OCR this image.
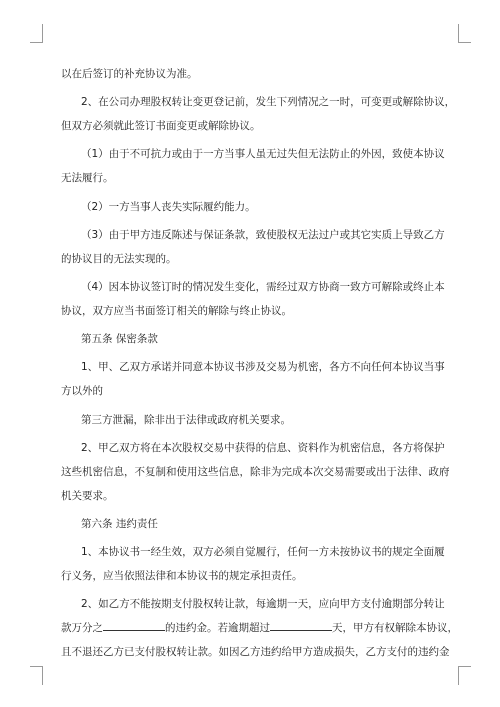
以在后签订的补充协议为准。
2、在公司办理股权转让变更登记前，发生下列情况之一时，可变更或解除协议，
但双方必须就此签订书面变更或解除协议。
（1）由于不可抗力或由于一方当事人虽无过失但无法防止的外因，致使本协议
无法履行。
（2）一方当事人丧失实际履约能力。
（3）由于甲方违反陈述与保证条款，致使股权无法过户或其它实质上导致乙方
的协议目的无法实现的。
（4）因本协议签订时的情况发生变化，需经过双方协商一致方可解除或终止本
协议，双方应当书面签订相关的解除与终止协议。
第五条 保密条款
1、甲、乙双方承诺并同意本协议书涉及交易为机密，各方不向任何本协议当事
方以外的
第三方泄漏，除非出于法律或政府机关要求。
2、甲乙双方将在本次股权交易中获得的信息、资料作为机密信息，各方将保护
这些机密信息，不复制和使用这些信息，除非为完成本次交易需要或出于法律、政府
机关要求。
第六条 违约责任
1、本协议书一经生效，双方必须自觉履行，任何一方未按协议书的规定全面履
行义务，应当依照法律和本协议书的规定承担责任。
2、如乙方不能按期支付股权转让款，每逾期一天，应向甲方支付逾期部分转让
款万分之	的违约金。若逾期超过	天，甲方有权解除本协议，
且不退还乙方已支付股权转让款。如因乙方违约给甲方造成损失，乙方支付的违约金
